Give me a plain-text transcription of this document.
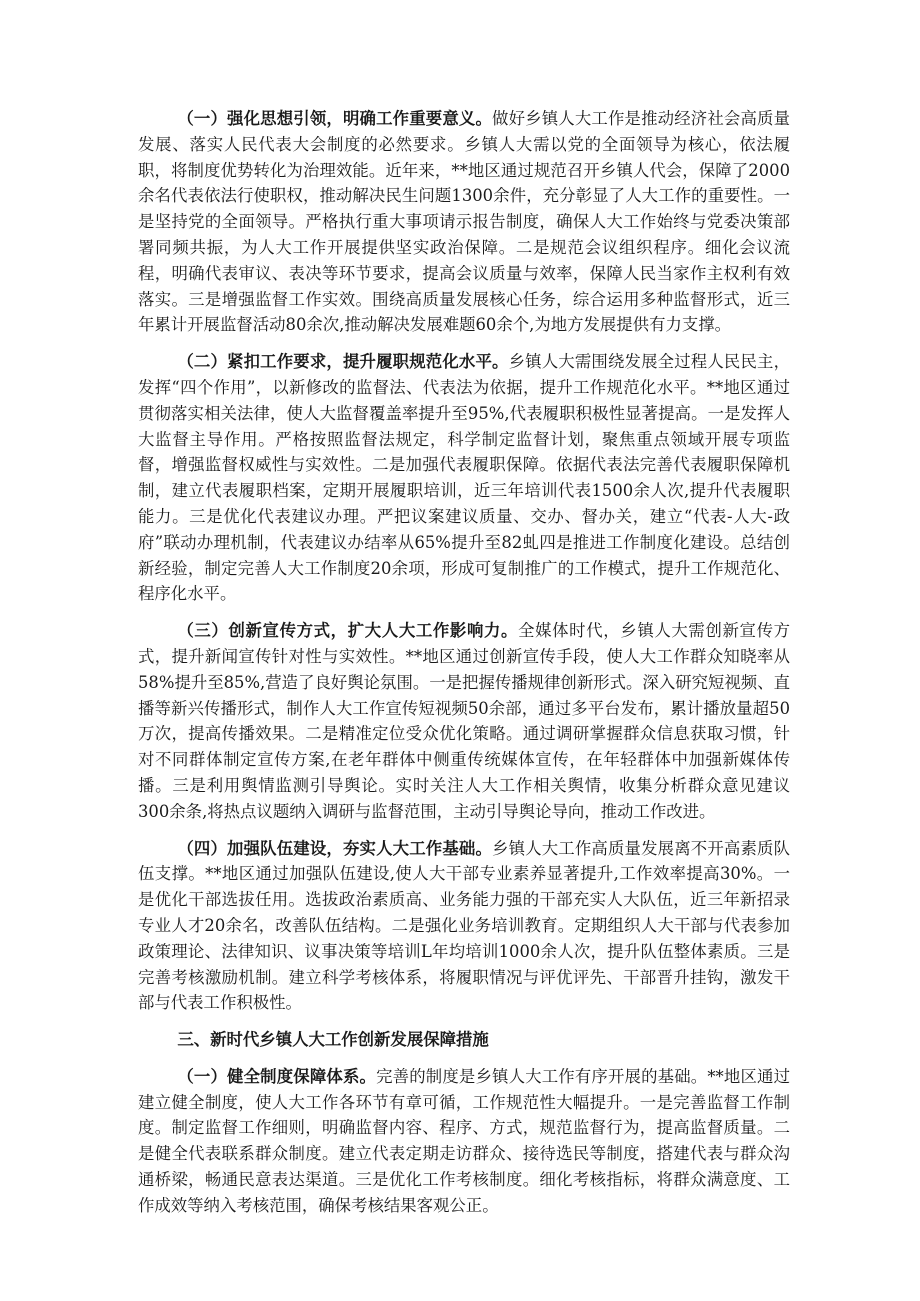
（一）强化思想引领，明确工作重要意义。做好乡镇人大工作是推动经济社会高质量发展、落实人民代表大会制度的必然要求。乡镇人大需以党的全面领导为核心，依法履职，将制度优势转化为治理效能。近年来，**地区通过规范召开乡镇人代会，保障了2000余名代表依法行使职权，推动解决民生问题1300余件，充分彰显了人大工作的重要性。一是坚持党的全面领导。严格执行重大事项请示报告制度，确保人大工作始终与党委决策部署同频共振，为人大工作开展提供坚实政治保障。二是规范会议组织程序。细化会议流程，明确代表审议、表决等环节要求，提高会议质量与效率，保障人民当家作主权利有效落实。三是增强监督工作实效。围绕高质量发展核心任务，综合运用多种监督形式，近三年累计开展监督活动80余次,推动解决发展难题60余个,为地方发展提供有力支撑。

（二）紧扣工作要求，提升履职规范化水平。乡镇人大需围绕发展全过程人民民主，发挥“四个作用”，以新修改的监督法、代表法为依据，提升工作规范化水平。**地区通过贯彻落实相关法律，使人大监督覆盖率提升至95%,代表履职积极性显著提高。一是发挥人大监督主导作用。严格按照监督法规定，科学制定监督计划，聚焦重点领域开展专项监督，增强监督权威性与实效性。二是加强代表履职保障。依据代表法完善代表履职保障机制，建立代表履职档案，定期开展履职培训，近三年培训代表1500余人次,提升代表履职能力。三是优化代表建议办理。严把议案建议质量、交办、督办关，建立“代表-人大-政府”联动办理机制，代表建议办结率从65%提升至82虬四是推进工作制度化建设。总结创新经验，制定完善人大工作制度20余项，形成可复制推广的工作模式，提升工作规范化、程序化水平。

（三）创新宣传方式，扩大人大工作影响力。全媒体时代，乡镇人大需创新宣传方式，提升新闻宣传针对性与实效性。**地区通过创新宣传手段，使人大工作群众知晓率从58%提升至85%,营造了良好舆论氛围。一是把握传播规律创新形式。深入研究短视频、直播等新兴传播形式，制作人大工作宣传短视频50余部，通过多平台发布，累计播放量超50万次，提高传播效果。二是精准定位受众优化策略。通过调研掌握群众信息获取习惯，针对不同群体制定宣传方案,在老年群体中侧重传统媒体宣传，在年轻群体中加强新媒体传播。三是利用舆情监测引导舆论。实时关注人大工作相关舆情，收集分析群众意见建议300余条,将热点议题纳入调研与监督范围，主动引导舆论导向，推动工作改进。

（四）加强队伍建设，夯实人大工作基础。乡镇人大工作高质量发展离不开高素质队伍支撑。**地区通过加强队伍建设,使人大干部专业素养显著提升,工作效率提高30%。一是优化干部选拔任用。选拔政治素质高、业务能力强的干部充实人大队伍，近三年新招录专业人才20余名，改善队伍结构。二是强化业务培训教育。定期组织人大干部与代表参加政策理论、法律知识、议事决策等培训L年均培训1000余人次，提升队伍整体素质。三是完善考核激励机制。建立科学考核体系，将履职情况与评优评先、干部晋升挂钩，激发干部与代表工作积极性。

三、新时代乡镇人大工作创新发展保障措施

（一）健全制度保障体系。完善的制度是乡镇人大工作有序开展的基础。**地区通过建立健全制度，使人大工作各环节有章可循，工作规范性大幅提升。一是完善监督工作制度。制定监督工作细则，明确监督内容、程序、方式，规范监督行为，提高监督质量。二是健全代表联系群众制度。建立代表定期走访群众、接待选民等制度，搭建代表与群众沟通桥梁，畅通民意表达渠道。三是优化工作考核制度。细化考核指标，将群众满意度、工作成效等纳入考核范围，确保考核结果客观公正。
